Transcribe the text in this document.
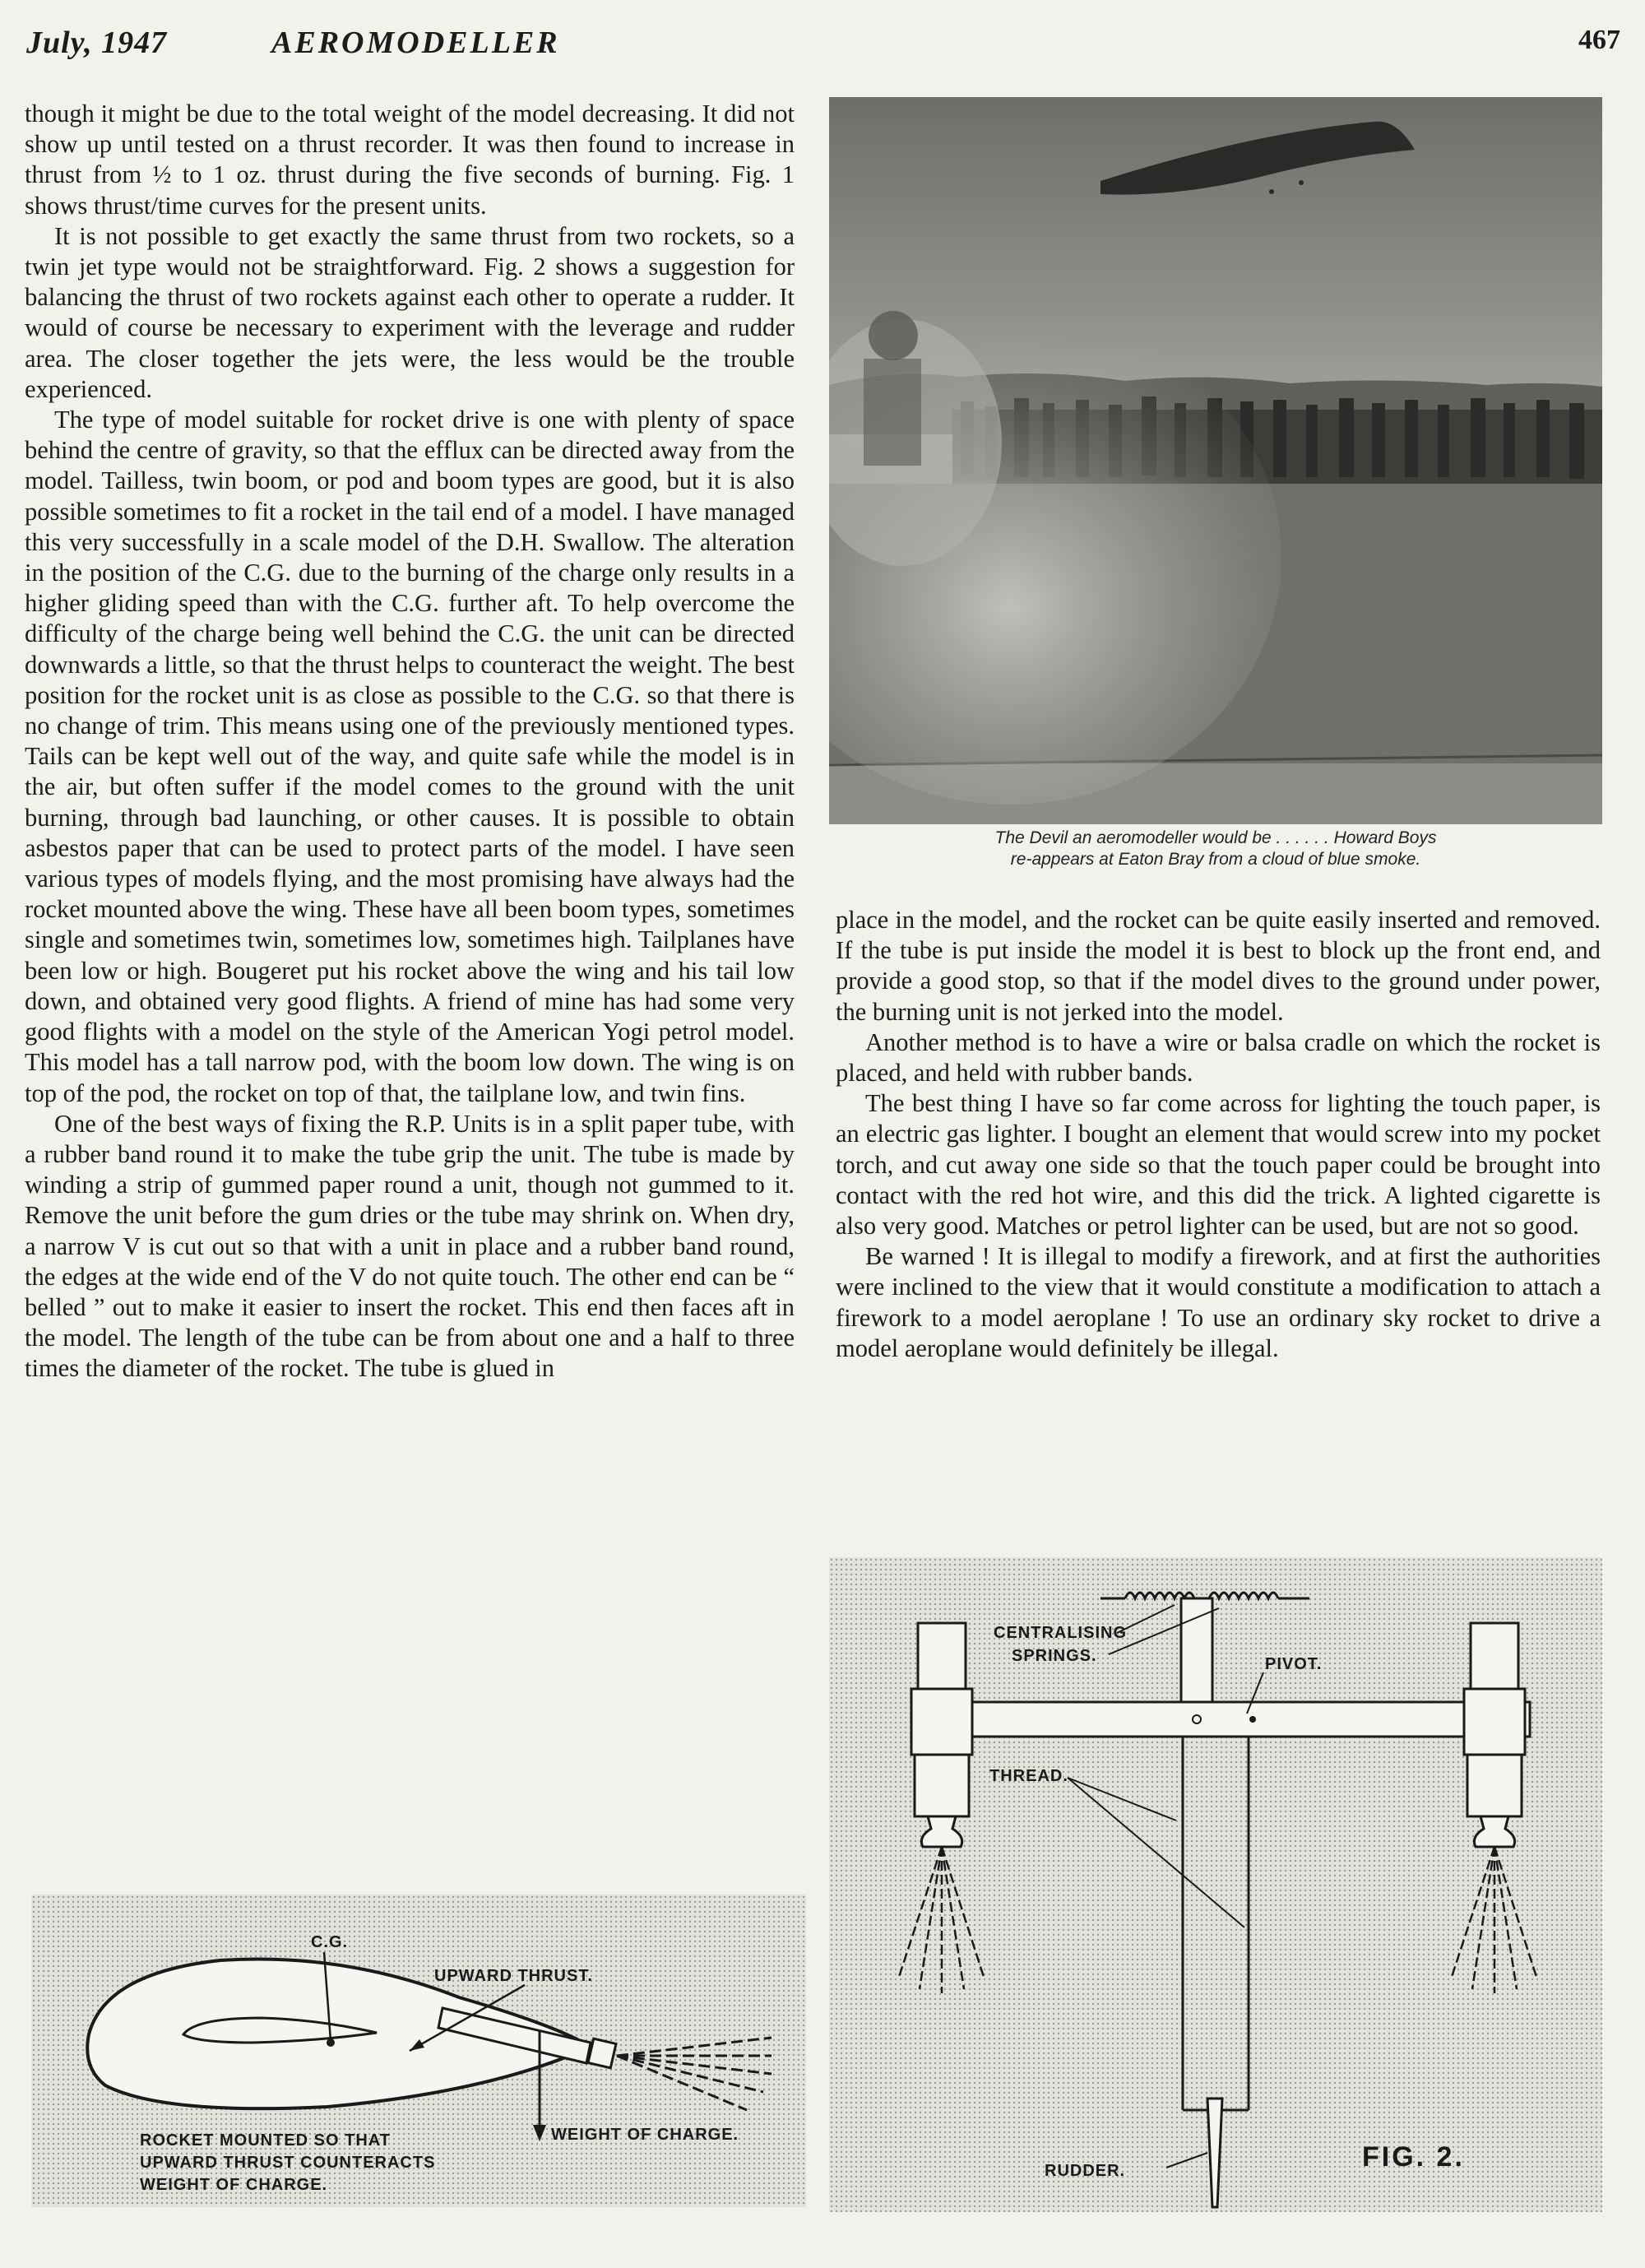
July, 1947	AEROMODELLER	467

though it might be due to the total weight of the model decreasing. It did not show up until tested on a thrust recorder. It was then found to increase in thrust from ½ to 1 oz. thrust during the five seconds of burning. Fig. 1 shows thrust/time curves for the present units.

It is not possible to get exactly the same thrust from two rockets, so a twin jet type would not be straightforward. Fig. 2 shows a suggestion for balancing the thrust of two rockets against each other to operate a rudder. It would of course be necessary to experiment with the leverage and rudder area. The closer together the jets were, the less would be the trouble experienced.

The type of model suitable for rocket drive is one with plenty of space behind the centre of gravity, so that the efflux can be directed away from the model. Tailless, twin boom, or pod and boom types are good, but it is also possible sometimes to fit a rocket in the tail end of a model. I have managed this very successfully in a scale model of the D.H. Swallow. The alteration in the position of the C.G. due to the burning of the charge only results in a higher gliding speed than with the C.G. further aft. To help overcome the difficulty of the charge being well behind the C.G. the unit can be directed downwards a little, so that the thrust helps to counteract the weight. The best position for the rocket unit is as close as possible to the C.G. so that there is no change of trim. This means using one of the previously mentioned types. Tails can be kept well out of the way, and quite safe while the model is in the air, but often suffer if the model comes to the ground with the unit burning, through bad launching, or other causes. It is possible to obtain asbestos paper that can be used to protect parts of the model. I have seen various types of models flying, and the most promising have always had the rocket mounted above the wing. These have all been boom types, sometimes single and sometimes twin, sometimes low, sometimes high. Tailplanes have been low or high. Bougeret put his rocket above the wing and his tail low down, and obtained very good flights. A friend of mine has had some very good flights with a model on the style of the American Yogi petrol model. This model has a tall narrow pod, with the boom low down. The wing is on top of the pod, the rocket on top of that, the tailplane low, and twin fins.

One of the best ways of fixing the R.P. Units is in a split paper tube, with a rubber band round it to make the tube grip the unit. The tube is made by winding a strip of gummed paper round a unit, though not gummed to it. Remove the unit before the gum dries or the tube may shrink on. When dry, a narrow V is cut out so that with a unit in place and a rubber band round, the edges at the wide end of the V do not quite touch. The other end can be “ belled ” out to make it easier to insert the rocket. This end then faces aft in the model. The length of the tube can be from about one and a half to three times the diameter of the rocket. The tube is glued in

The Devil an aeromodeller would be . . . . . . Howard Boys
re-appears at Eaton Bray from a cloud of blue smoke.

place in the model, and the rocket can be quite easily inserted and removed. If the tube is put inside the model it is best to block up the front end, and provide a good stop, so that if the model dives to the ground under power, the burning unit is not jerked into the model.

Another method is to have a wire or balsa cradle on which the rocket is placed, and held with rubber bands.

The best thing I have so far come across for lighting the touch paper, is an electric gas lighter. I bought an element that would screw into my pocket torch, and cut away one side so that the touch paper could be brought into contact with the red hot wire, and this did the trick. A lighted cigarette is also very good. Matches or petrol lighter can be used, but are not so good.

Be warned ! It is illegal to modify a firework, and at first the authorities were inclined to the view that it would constitute a modification to attach a firework to a model aeroplane ! To use an ordinary sky rocket to drive a model aeroplane would definitely be illegal.

C.G.
UPWARD THRUST.
WEIGHT OF CHARGE.
ROCKET MOUNTED SO THAT
UPWARD THRUST COUNTERACTS
WEIGHT OF CHARGE.
CENTRALISING
SPRINGS.	PIVOT.
THREAD.
RUDDER.	FIG. 2.
